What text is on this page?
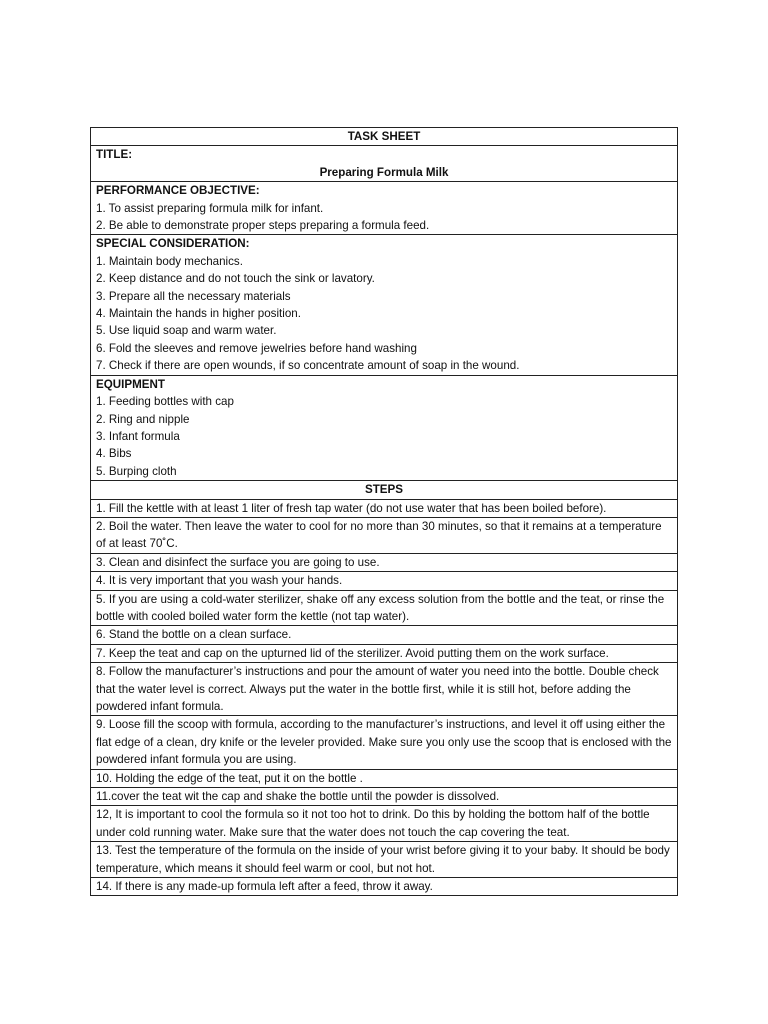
TASK SHEET
TITLE:
Preparing Formula Milk
PERFORMANCE OBJECTIVE:
1. To assist preparing formula milk for infant.
2. Be able to demonstrate proper steps preparing a formula feed.
SPECIAL CONSIDERATION:
1. Maintain body mechanics.
2. Keep distance and do not touch the sink or lavatory.
3. Prepare all the necessary materials
4. Maintain the hands in higher position.
5. Use liquid soap and warm water.
6. Fold the sleeves and remove jewelries before hand washing
7. Check if there are open wounds, if so concentrate amount of soap in the wound.
EQUIPMENT
1. Feeding bottles with cap
2. Ring and nipple
3. Infant formula
4. Bibs
5. Burping cloth
STEPS
1. Fill the kettle with at least 1 liter of fresh tap water (do not use water that has been boiled before).
2. Boil the water. Then leave the water to cool for no more than 30 minutes, so that it remains at a temperature of at least 70˚C.
3. Clean and disinfect the surface you are going to use.
4. It is very important that you wash your hands.
5. If you are using a cold-water sterilizer, shake off any excess solution from the bottle and the teat, or rinse the bottle with cooled boiled water form the kettle (not tap water).
6. Stand the bottle on a clean surface.
7. Keep the teat and cap on the upturned lid of the sterilizer. Avoid putting them on the work surface.
8. Follow the manufacturer’s instructions and pour the amount of water you need into the bottle. Double check that the water level is correct. Always put the water in the bottle first, while it is still hot, before adding the powdered infant formula.
9. Loose fill the scoop with formula, according to the manufacturer’s instructions, and level it off using either the flat edge of a clean, dry knife or the leveler provided. Make sure you only use the scoop that is enclosed with the powdered infant formula you are using.
10. Holding the edge of the teat, put it on the bottle .
11.cover the teat wit the cap and shake the bottle until the powder is dissolved.
12, It is important to cool the formula so it not too hot to drink. Do this by holding the bottom half of the bottle under cold running water. Make sure that the water does not touch the cap covering the teat.
13. Test the temperature of the formula on the inside of your wrist before giving it to your baby. It should be body temperature, which means it should feel warm or cool, but not hot.
14. If there is any made-up formula left after a feed, throw it away.
